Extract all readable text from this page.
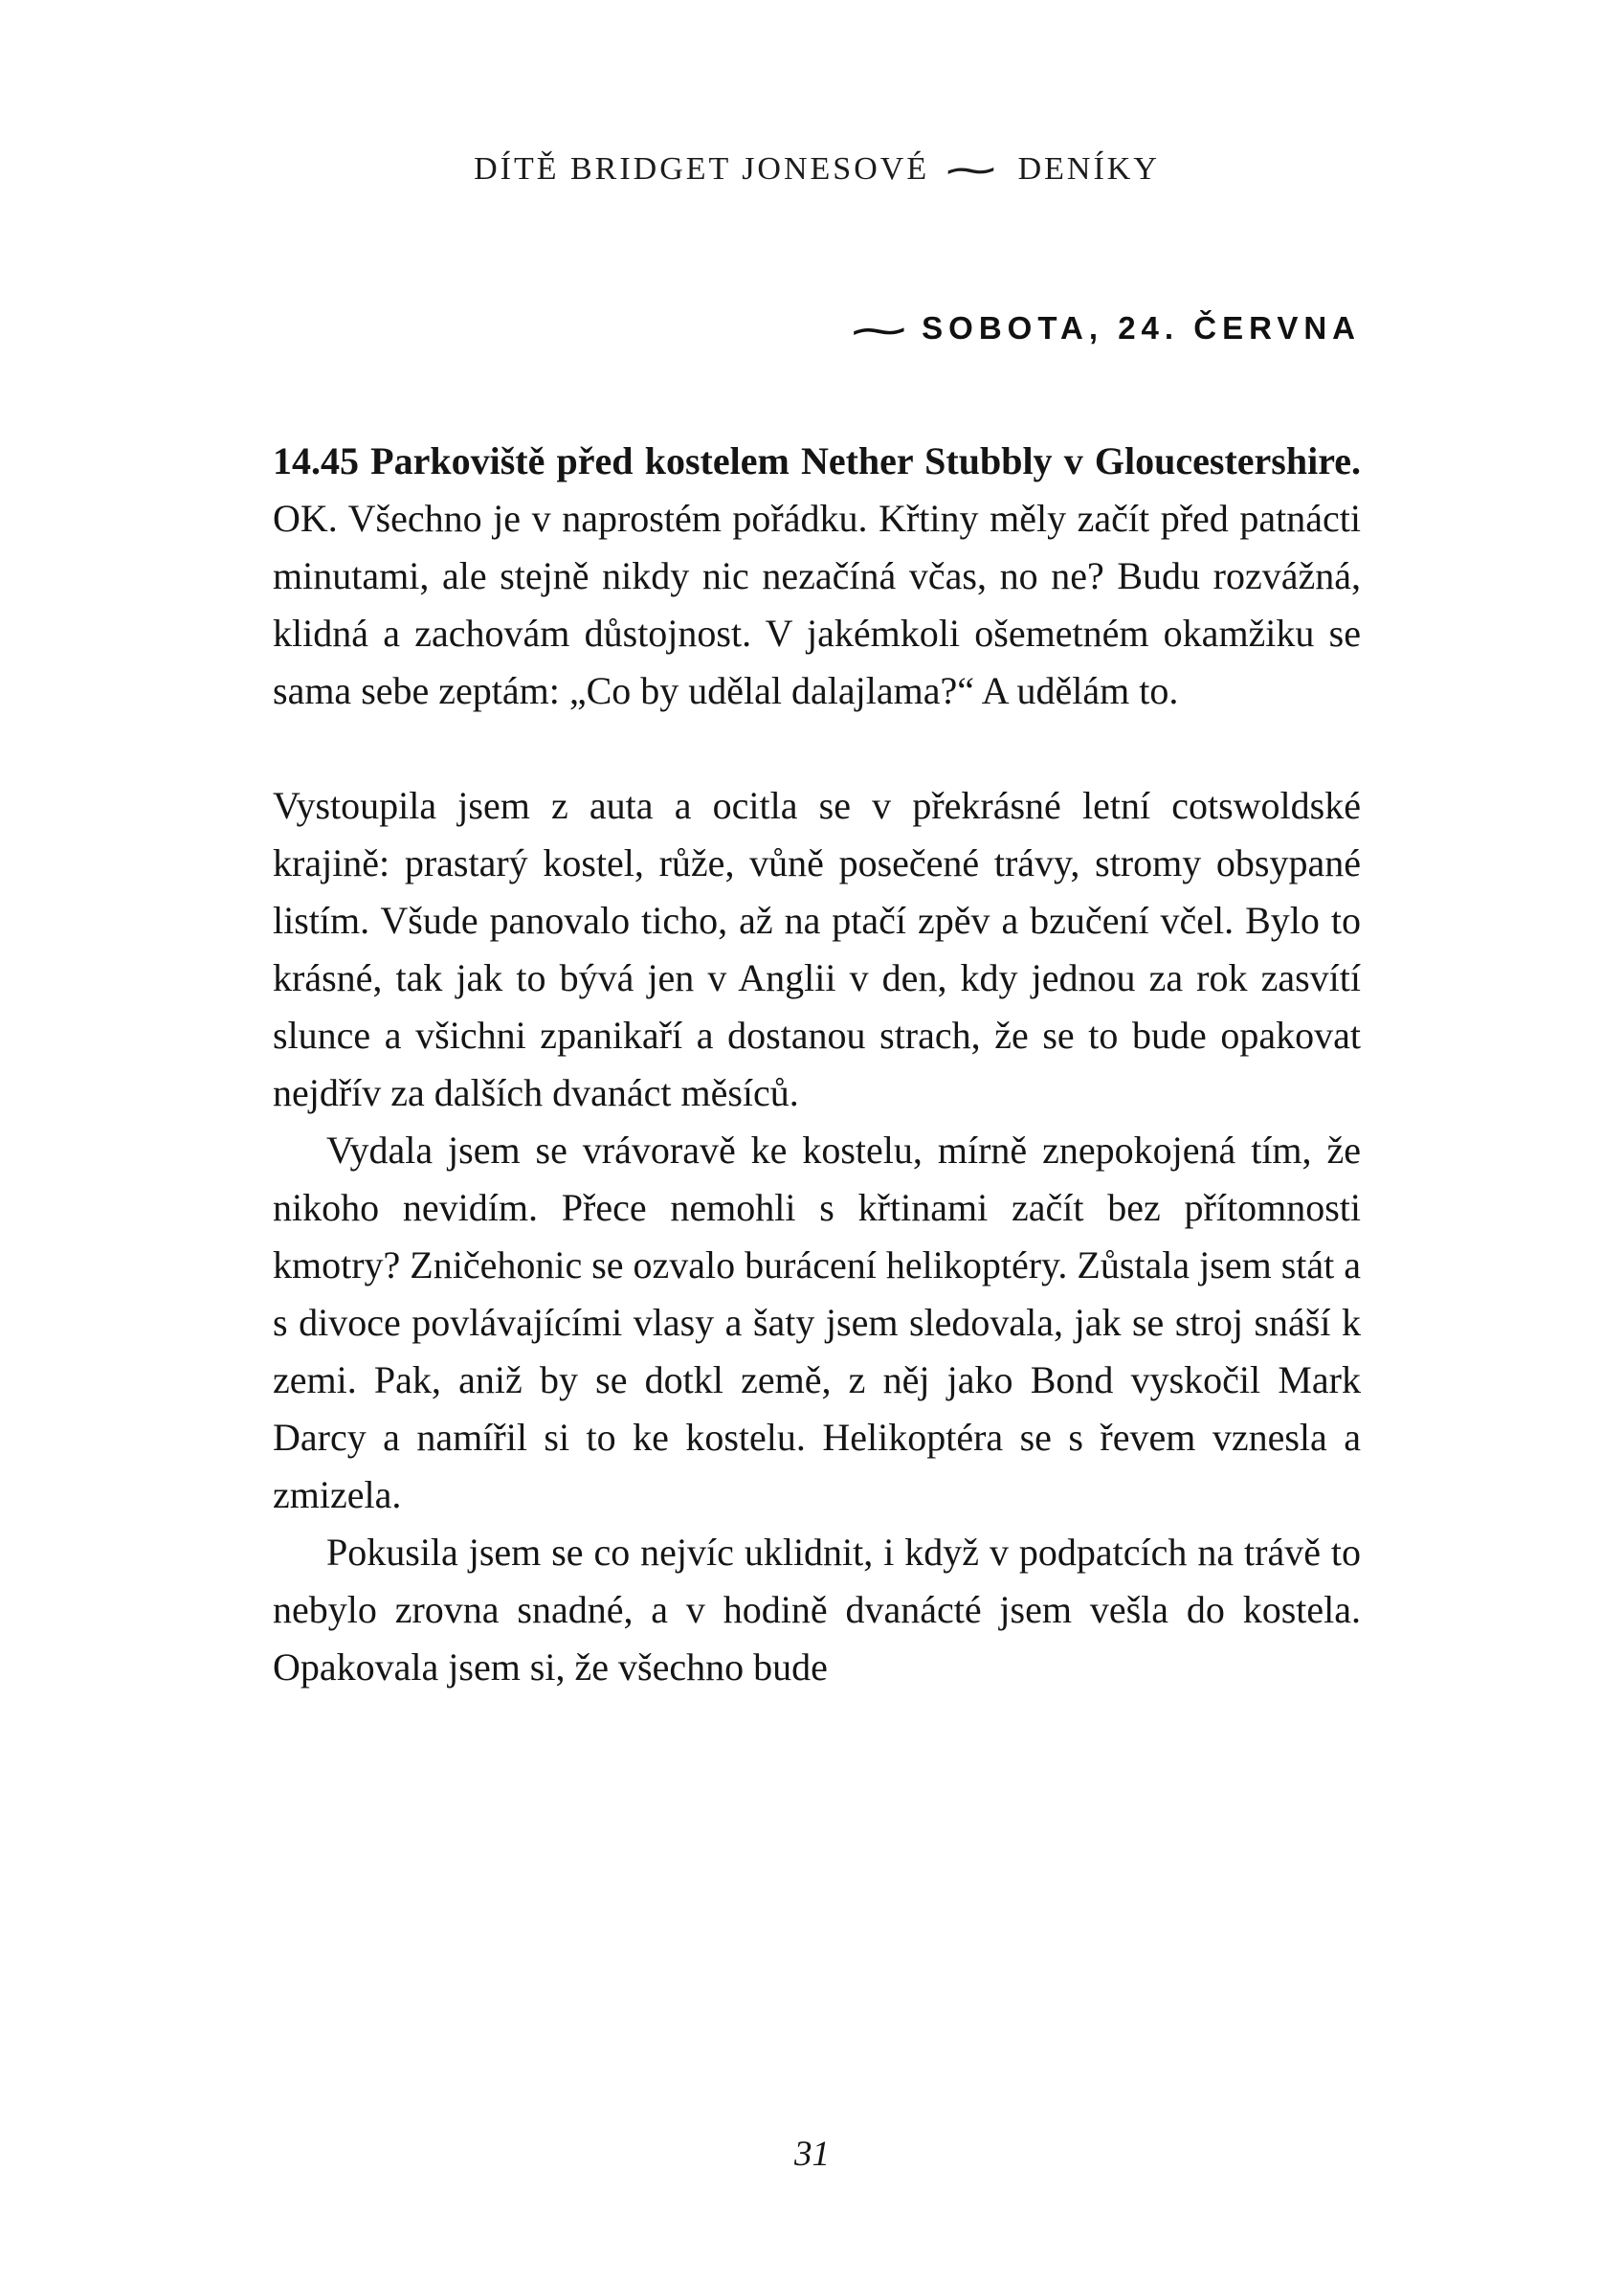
DÍTĚ BRIDGET JONESOVÉ ∼ DENÍKY
∼ SOBOTA, 24. ČERVNA

14.45 Parkoviště před kostelem Nether Stubbly v Gloucestershire. OK. Všechno je v naprostém pořádku. Křtiny měly začít před patnácti minutami, ale stejně nikdy nic nezačíná včas, no ne? Budu rozvážná, klidná a zachovám důstojnost. V jakémkoli ošemetném okamžiku se sama sebe zeptám: „Co by udělal dalajlama?“ A udělám to.

Vystoupila jsem z auta a ocitla se v překrásné letní cotswoldské krajině: prastarý kostel, růže, vůně posečené trávy, stromy obsypané listím. Všude panovalo ticho, až na ptačí zpěv a bzučení včel. Bylo to krásné, tak jak to bývá jen v Anglii v den, kdy jednou za rok zasvítí slunce a všichni zpanikaří a dostanou strach, že se to bude opakovat nejdřív za dalších dvanáct měsíců.

Vydala jsem se vrávoravě ke kostelu, mírně znepokojená tím, že nikoho nevidím. Přece nemohli s křtinami začít bez přítomnosti kmotry? Zničehonic se ozvalo burácení helikoptéry. Zůstala jsem stát a s divoce povlávajícími vlasy a šaty jsem sledovala, jak se stroj snáší k zemi. Pak, aniž by se dotkl země, z něj jako Bond vyskočil Mark Darcy a namířil si to ke kostelu. Helikoptéra se s řevem vznesla a zmizela.

Pokusila jsem se co nejvíc uklidnit, i když v podpatcích na trávě to nebylo zrovna snadné, a v hodině dvanácté jsem vešla do kostela. Opakovala jsem si, že všechno bude

31
